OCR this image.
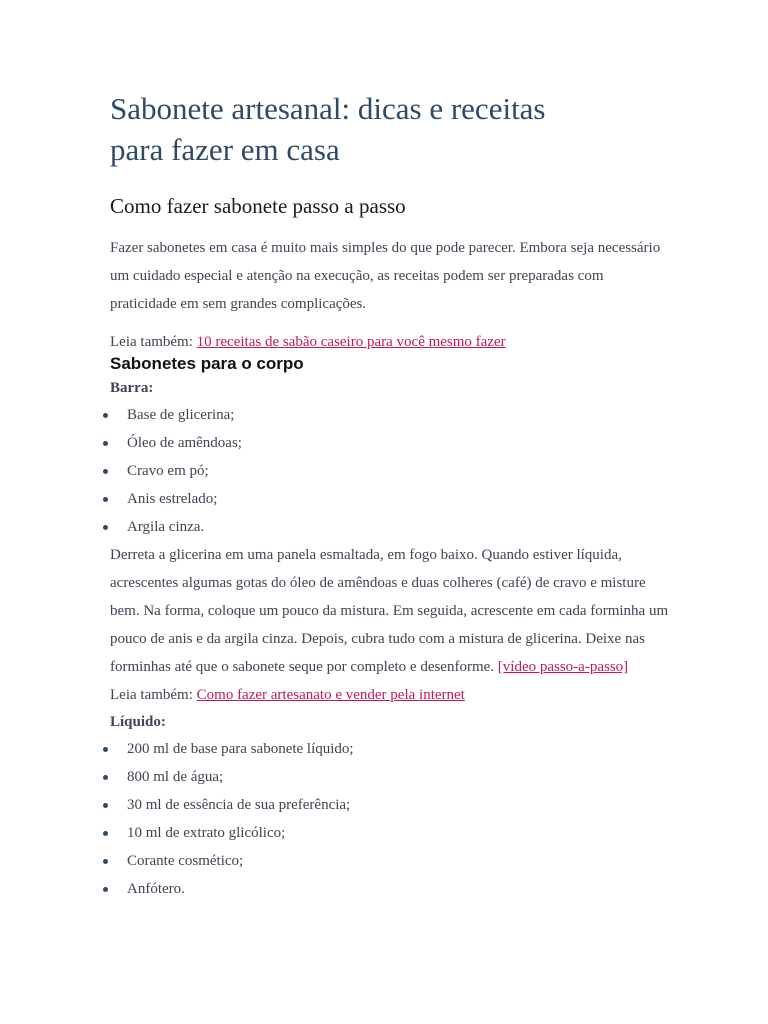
Sabonete artesanal: dicas e receitas
para fazer em casa
Como fazer sabonete passo a passo

Fazer sabonetes em casa é muito mais simples do que pode parecer. Embora seja necessário um cuidado especial e atenção na execução, as receitas podem ser preparadas com praticidade em sem grandes complicações.

Leia também: 10 receitas de sabão caseiro para você mesmo fazer
Sabonetes para o corpo
Barra:
Base de glicerina;
Óleo de amêndoas;
Cravo em pó;
Anis estrelado;
Argila cinza.

Derreta a glicerina em uma panela esmaltada, em fogo baixo. Quando estiver líquida, acrescentes algumas gotas do óleo de amêndoas e duas colheres (café) de cravo e misture bem. Na forma, coloque um pouco da mistura. Em seguida, acrescente em cada forminha um pouco de anis e da argila cinza. Depois, cubra tudo com a mistura de glicerina. Deixe nas forminhas até que o sabonete seque por completo e desenforme. [vídeo passo-a-passo]

Leia também: Como fazer artesanato e vender pela internet
Líquido:
200 ml de base para sabonete líquido;
800 ml de água;
30 ml de essência de sua preferência;
10 ml de extrato glicólico;
Corante cosmético;
Anfótero.
